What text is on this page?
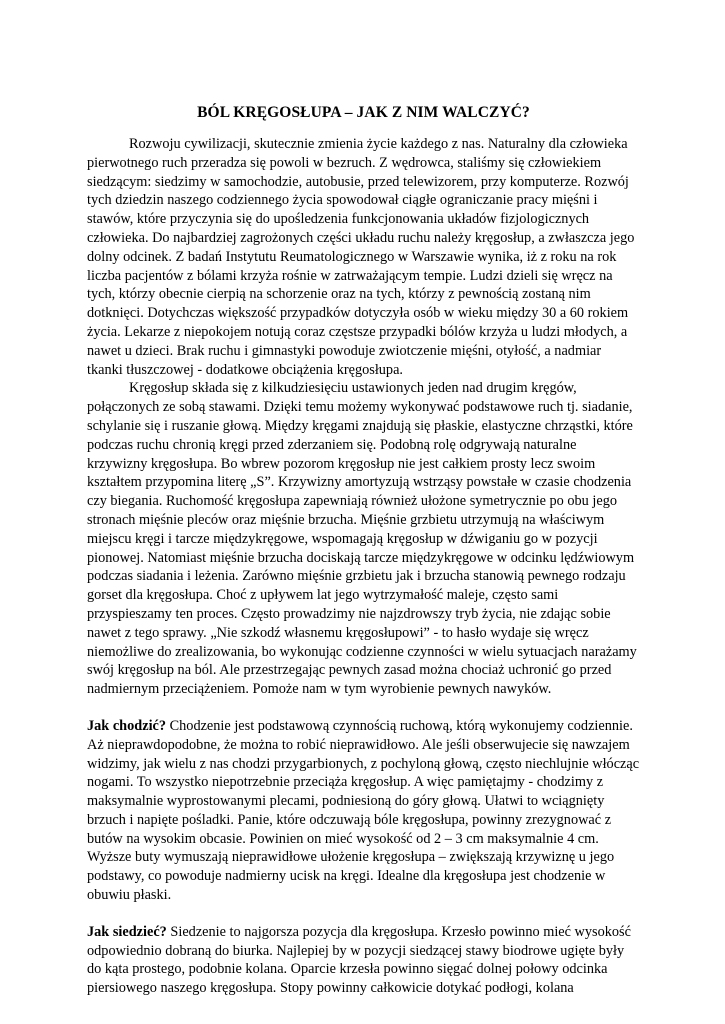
BÓL KRĘGOSŁUPA – JAK Z NIM WALCZYĆ?

Rozwoju cywilizacji, skutecznie zmienia życie każdego z nas. Naturalny dla człowieka pierwotnego ruch przeradza się powoli w bezruch. Z wędrowca, staliśmy się człowiekiem siedzącym: siedzimy w samochodzie, autobusie, przed telewizorem, przy komputerze. Rozwój tych dziedzin naszego codziennego życia spowodował ciągłe ograniczanie pracy mięśni i stawów, które przyczynia się do upośledzenia funkcjonowania układów fizjologicznych człowieka. Do najbardziej zagrożonych części układu ruchu należy kręgosłup, a zwłaszcza jego dolny odcinek. Z badań Instytutu Reumatologicznego w Warszawie wynika, iż z roku na rok liczba pacjentów z bólami krzyża rośnie w zatrważającym tempie. Ludzi dzieli się wręcz na tych, którzy obecnie cierpią na schorzenie oraz na tych, którzy z pewnością zostaną nim dotknięci. Dotychczas większość przypadków dotyczyła osób w wieku między 30 a 60 rokiem życia. Lekarze z niepokojem notują coraz częstsze przypadki bólów krzyża u ludzi młodych, a nawet u dzieci. Brak ruchu i gimnastyki powoduje zwiotczenie mięśni, otyłość, a nadmiar tkanki tłuszczowej - dodatkowe obciążenia kręgosłupa.

Kręgosłup składa się z kilkudziesięciu ustawionych jeden nad drugim kręgów, połączonych ze sobą stawami. Dzięki temu możemy wykonywać podstawowe ruch tj. siadanie, schylanie się i ruszanie głową. Między kręgami znajdują się płaskie, elastyczne chrząstki, które podczas ruchu chronią kręgi przed zderzaniem się. Podobną rolę odgrywają naturalne krzywizny kręgosłupa. Bo wbrew pozorom kręgosłup nie jest całkiem prosty lecz swoim kształtem przypomina literę „S”. Krzywizny amortyzują wstrząsy powstałe w czasie chodzenia czy biegania. Ruchomość kręgosłupa zapewniają również ułożone symetrycznie po obu jego stronach mięśnie pleców oraz mięśnie brzucha. Mięśnie grzbietu utrzymują na właściwym miejscu kręgi i tarcze międzykręgowe, wspomagają kręgosłup w dźwiganiu go w pozycji pionowej. Natomiast mięśnie brzucha dociskają tarcze międzykręgowe w odcinku lędźwiowym podczas siadania i leżenia. Zarówno mięśnie grzbietu jak i brzucha stanowią pewnego rodzaju gorset dla kręgosłupa. Choć z upływem lat jego wytrzymałość maleje, często sami przyspieszamy ten proces. Często prowadzimy nie najzdrowszy tryb życia, nie zdając sobie nawet z tego sprawy. „Nie szkodź własnemu kręgosłupowi” - to hasło wydaje się wręcz niemożliwe do zrealizowania, bo wykonując codzienne czynności w wielu sytuacjach narażamy swój kręgosłup na ból. Ale przestrzegając pewnych zasad można chociaż uchronić go przed nadmiernym przeciążeniem. Pomoże nam w tym wyrobienie pewnych nawyków.

Jak chodzić? Chodzenie jest podstawową czynnością ruchową, którą wykonujemy codziennie. Aż nieprawdopodobne, że można to robić nieprawidłowo. Ale jeśli obserwujecie się nawzajem widzimy, jak wielu z nas chodzi przygarbionych, z pochyloną głową, często niechlujnie włócząc nogami. To wszystko niepotrzebnie przeciąża kręgosłup. A więc pamiętajmy - chodzimy z maksymalnie wyprostowanymi plecami, podniesioną do góry głową. Ułatwi to wciągnięty brzuch i napięte pośladki. Panie, które odczuwają bóle kręgosłupa, powinny zrezygnować z butów na wysokim obcasie. Powinien on mieć wysokość od 2 – 3 cm maksymalnie 4 cm. Wyższe buty wymuszają nieprawidłowe ułożenie kręgosłupa – zwiększają krzywiznę u jego podstawy, co powoduje nadmierny ucisk na kręgi. Idealne dla kręgosłupa jest chodzenie w obuwiu płaski.

Jak siedzieć? Siedzenie to najgorsza pozycja dla kręgosłupa. Krzesło powinno mieć wysokość odpowiednio dobraną do biurka. Najlepiej by w pozycji siedzącej stawy biodrowe ugięte były do kąta prostego, podobnie kolana. Oparcie krzesła powinno sięgać dolnej połowy odcinka piersiowego naszego kręgosłupa. Stopy powinny całkowicie dotykać podłogi, kolana
